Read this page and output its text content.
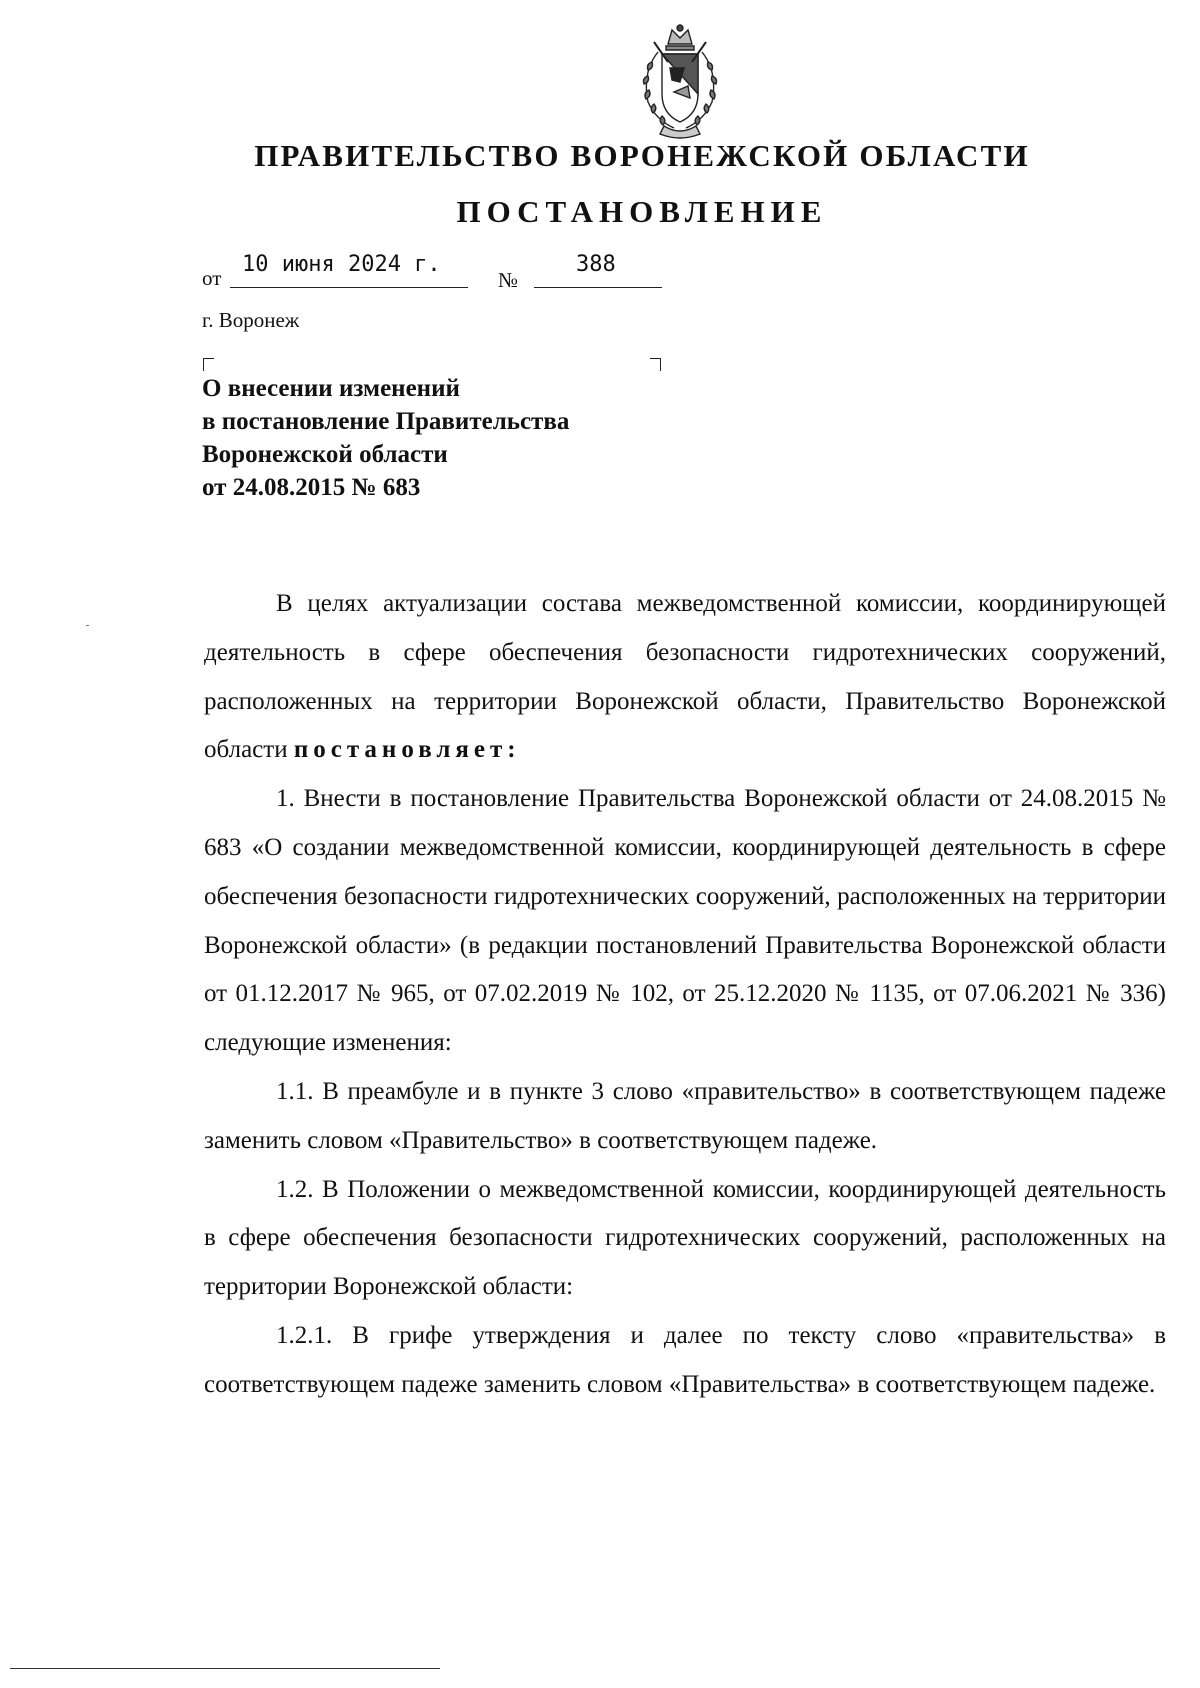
ПРАВИТЕЛЬСТВО ВОРОНЕЖСКОЙ ОБЛАСТИ
ПОСТАНОВЛЕНИЕ
от
10 июня 2024 г.
№
388
г. Воронеж
О внесении изменений
в постановление Правительства
Воронежской области
от 24.08.2015 № 683

В целях актуализации состава межведомственной комиссии, координирующей деятельность в сфере обеспечения безопасности гидротехнических сооружений, расположенных на территории Воронежской области, Правительство Воронежской области постановляет:

1. Внести в постановление Правительства Воронежской области от 24.08.2015 № 683 «О создании межведомственной комиссии, координирующей деятельность в сфере обеспечения безопасности гидротехнических сооружений, расположенных на территории Воронежской области» (в редакции постановлений Правительства Воронежской области от 01.12.2017 № 965, от 07.02.2019 № 102, от 25.12.2020 № 1135, от 07.06.2021 № 336) следующие изменения:

1.1. В преамбуле и в пункте 3 слово «правительство» в соответствующем падеже заменить словом «Правительство» в соответствующем падеже.

1.2. В Положении о межведомственной комиссии, координирующей деятельность в сфере обеспечения безопасности гидротехнических сооружений, расположенных на территории Воронежской области:

1.2.1. В грифе утверждения и далее по тексту слово «правительства» в соответствующем падеже заменить словом «Правительства» в соответствующем падеже.
